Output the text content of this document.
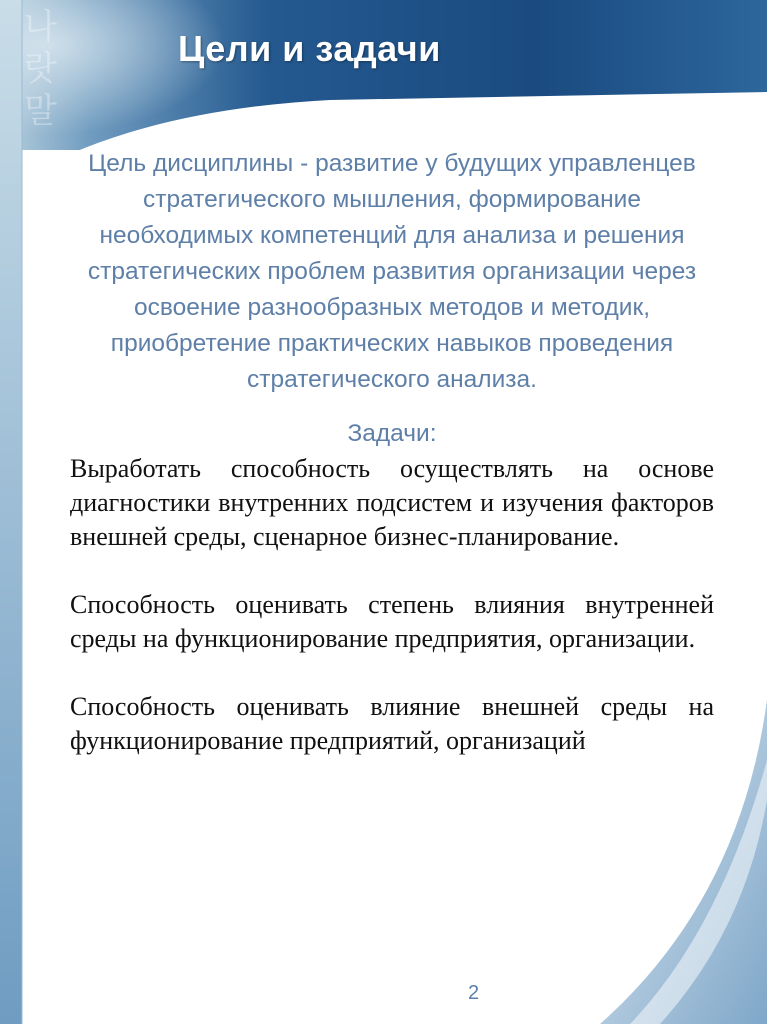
나
랏
말
Цели и задачи

Цель дисциплины - развитие у будущих управленцев стратегического мышления, формирование необходимых компетенций для анализа и решения стратегических проблем развития организации через освоение разнообразных методов и методик, приобретение практических навыков проведения стратегического анализа.

Задачи:

Выработать способность осуществлять на основе диагностики внутренних подсистем и изучения факторов внешней среды, сценарное бизнес-планирование.

Способность оценивать степень влияния внутренней среды на функционирование предприятия, организации.

Способность оценивать влияние внешней среды на функционирование предприятий, организаций

2
